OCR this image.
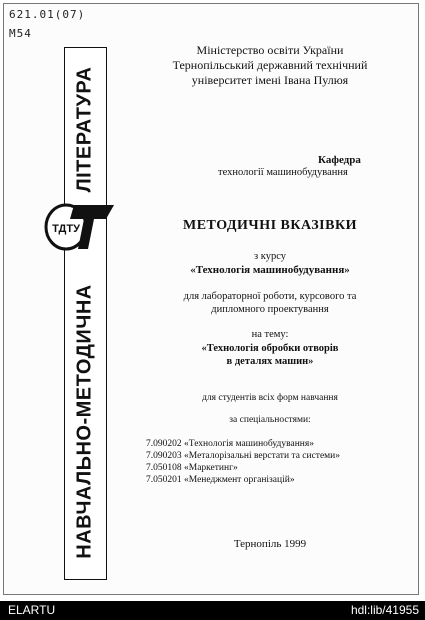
621.01(07)
M54
ЛІТЕРАТУРА
НАВЧАЛЬНО-МЕТОДИЧНА
ТДТУ
Міністерство освіти України
Тернопільський державний технічний
університет імені Івана Пулюя
Кафедра
технології машинобудування
МЕТОДИЧНІ ВКАЗІВКИ
з курсу
«Технологія машинобудування»
для лабораторної роботи, курсового та
дипломного проектування
на тему:
«Технологія обробки отворів
в деталях машин»
для студентів всіх форм навчання
за спеціальностями:
7.090202 «Технологія машинобудування»
7.090203 «Металорізальні верстати та системи»
7.050108 «Маркетинг»
7.050201 «Менеджмент організацій»
Тернопіль 1999
ELARTU	hdl:lib/41955
